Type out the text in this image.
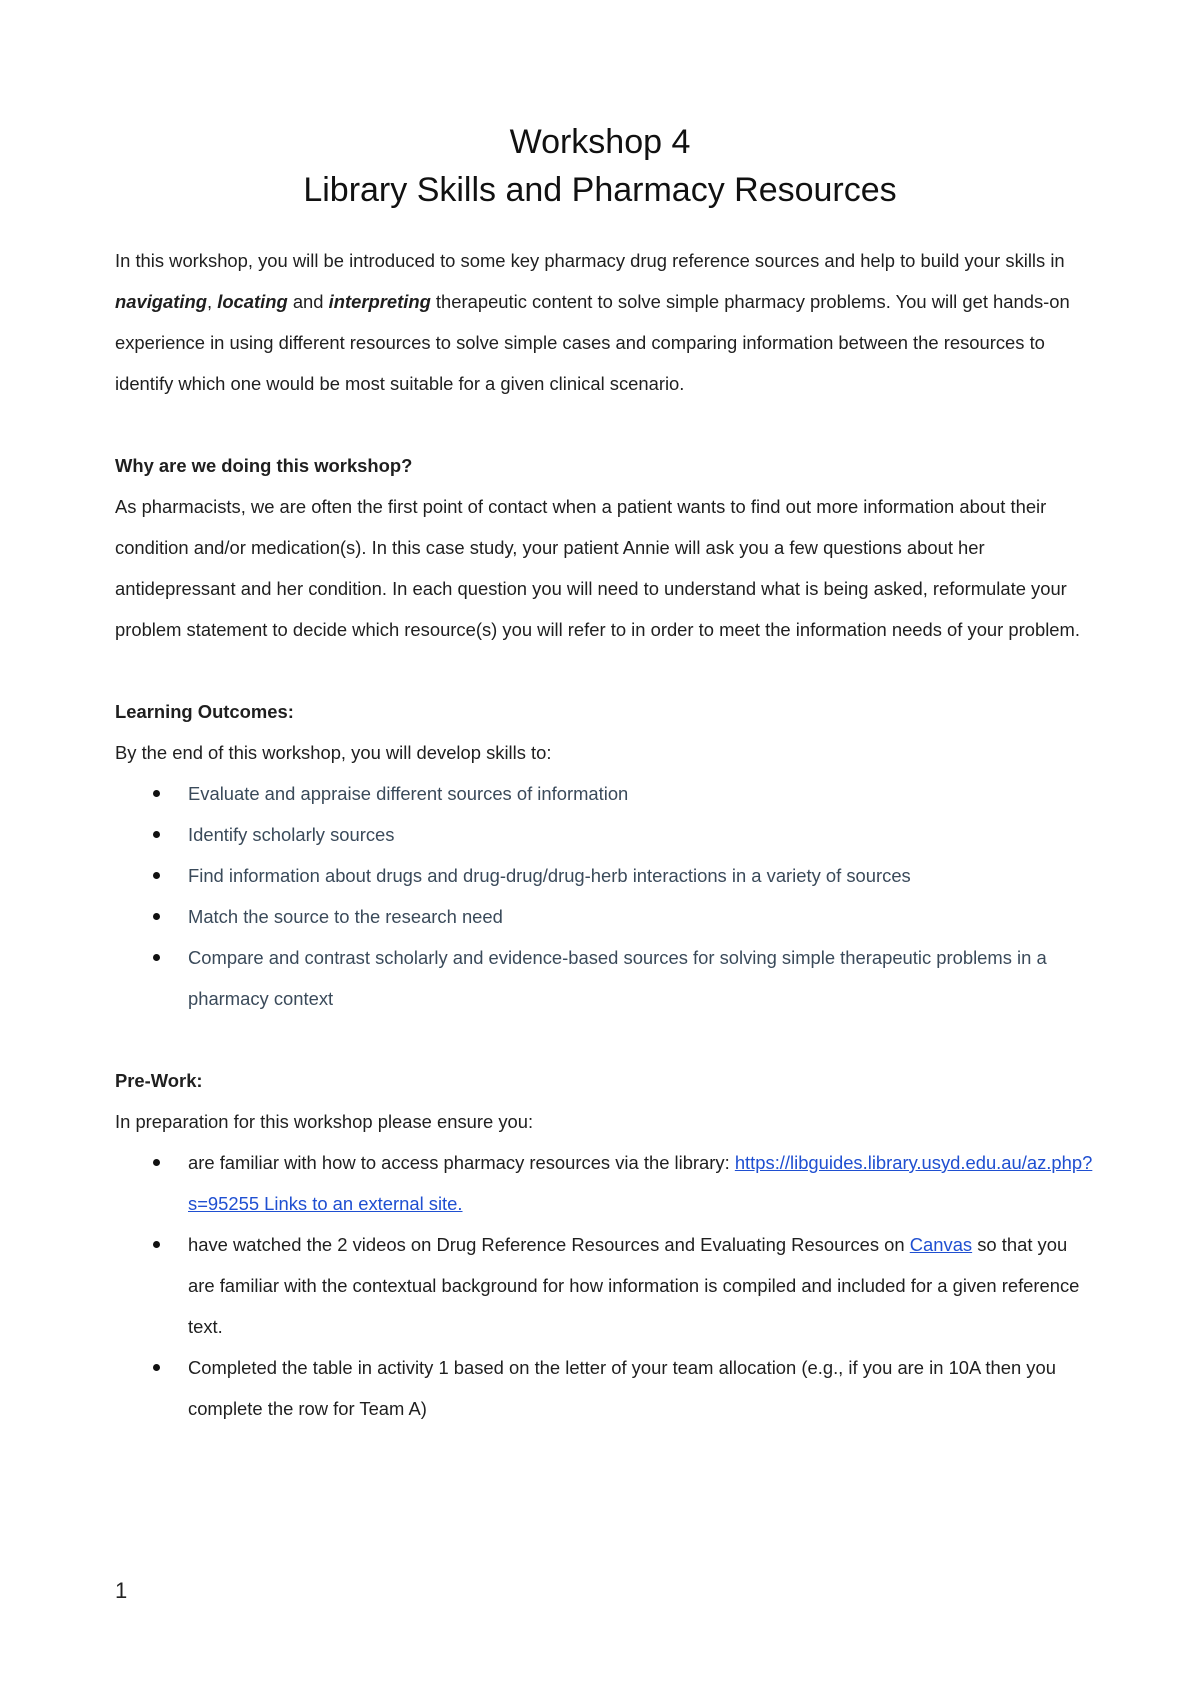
Workshop 4
Library Skills and Pharmacy Resources

In this workshop, you will be introduced to some key pharmacy drug reference sources and help to build your skills in navigating, locating and interpreting therapeutic content to solve simple pharmacy problems. You will get hands-on experience in using different resources to solve simple cases and comparing information between the resources to identify which one would be most suitable for a given clinical scenario.

Why are we doing this workshop?

As pharmacists, we are often the first point of contact when a patient wants to find out more information about their condition and/or medication(s). In this case study, your patient Annie will ask you a few questions about her antidepressant and her condition. In each question you will need to understand what is being asked, reformulate your problem statement to decide which resource(s) you will refer to in order to meet the information needs of your problem.

Learning Outcomes:

By the end of this workshop, you will develop skills to:

Evaluate and appraise different sources of information
Identify scholarly sources
Find information about drugs and drug-drug/drug-herb interactions in a variety of sources
Match the source to the research need
Compare and contrast scholarly and evidence-based sources for solving simple therapeutic problems in a pharmacy context

Pre-Work:

In preparation for this workshop please ensure you:

are familiar with how to access pharmacy resources via the library: https://libguides.library.usyd.edu.au/az.php?s=95255 Links to an external site.
have watched the 2 videos on Drug Reference Resources and Evaluating Resources on Canvas so that you are familiar with the contextual background for how information is compiled and included for a given reference text.
Completed the table in activity 1 based on the letter of your team allocation (e.g., if you are in 10A then you complete the row for Team A)
1
